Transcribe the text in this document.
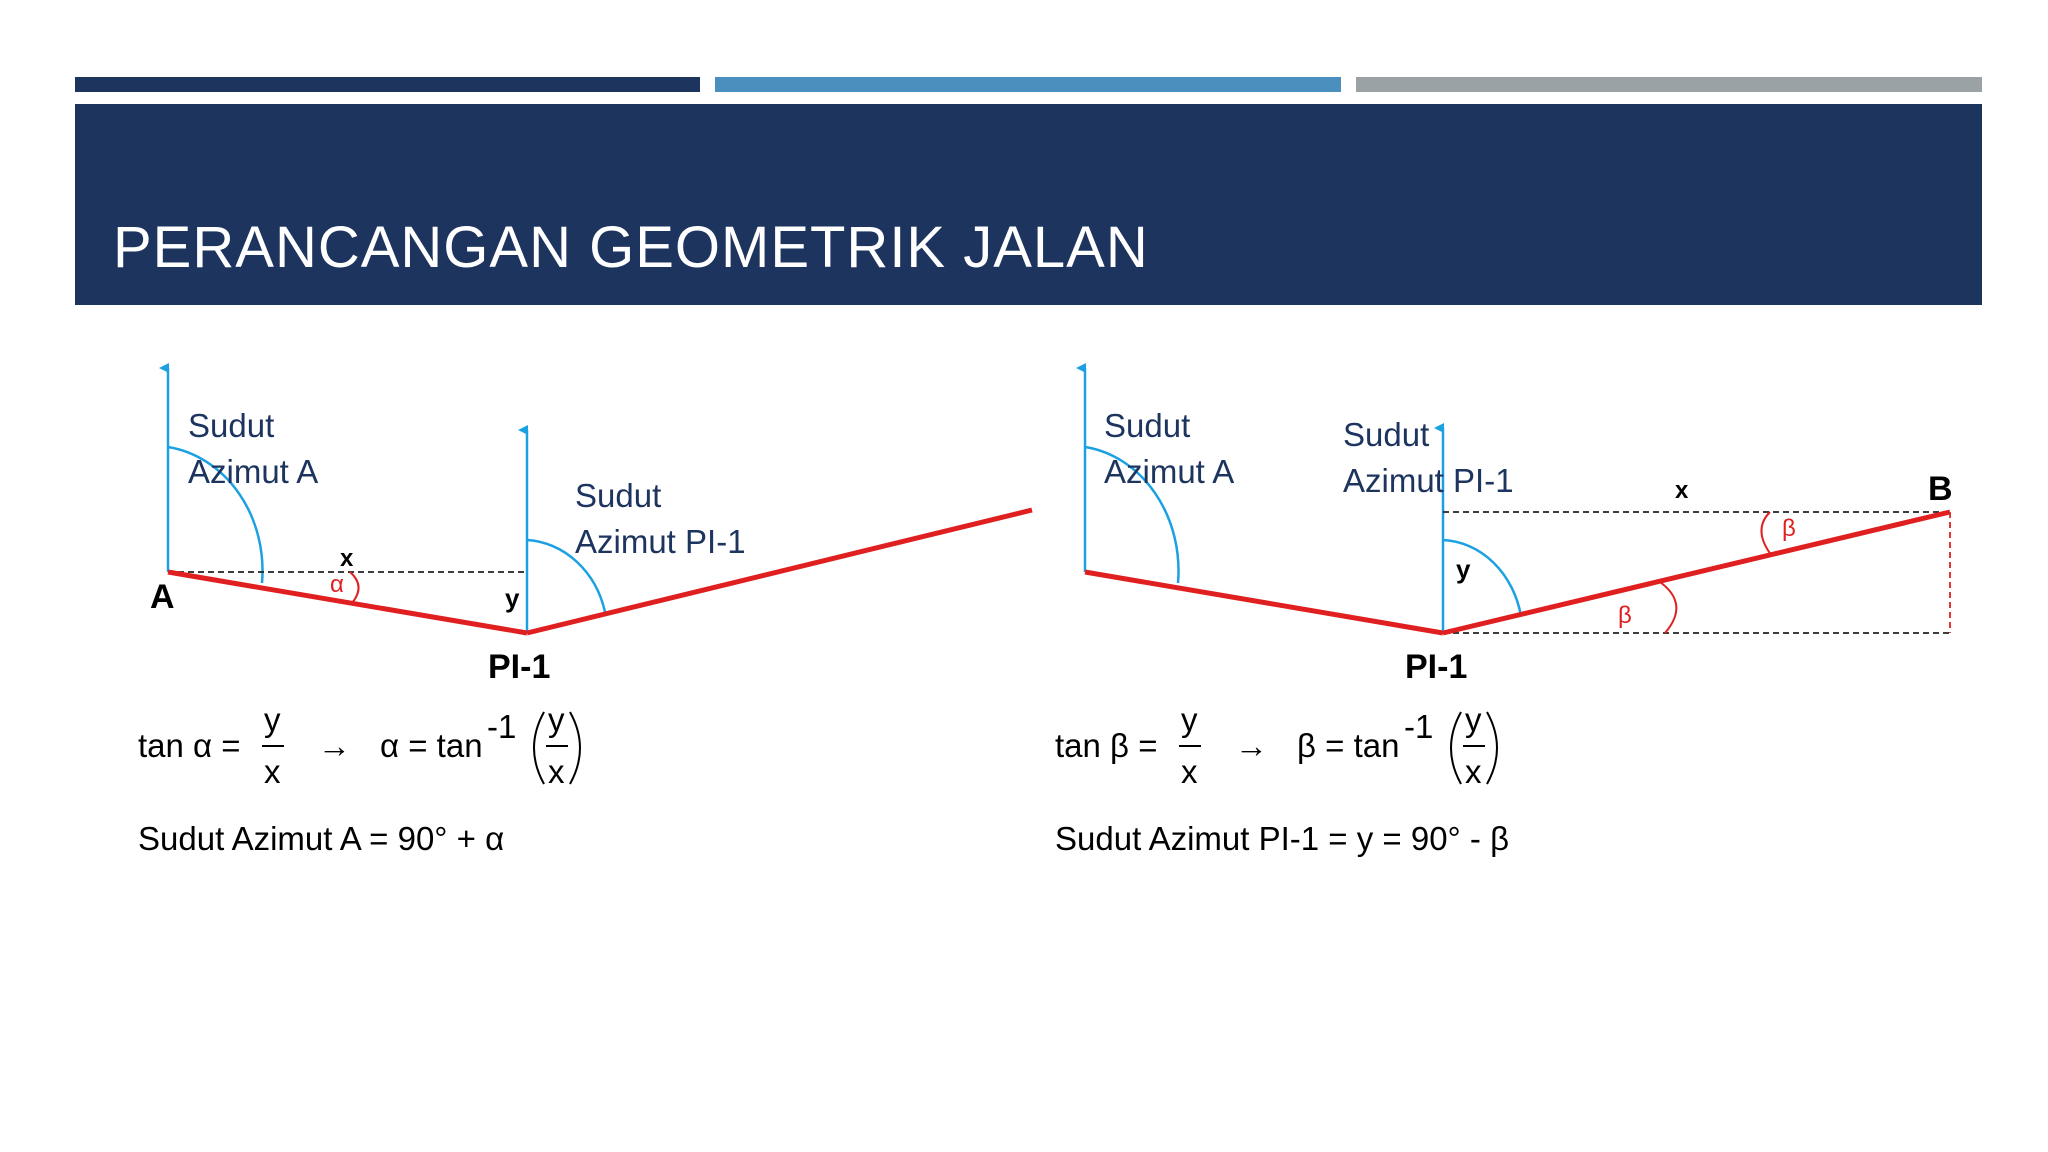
PERANCANGAN GEOMETRIK JALAN
Sudut
Azimut A
Sudut
Azimut PI-1
x
y
α
A
PI-1
tan α =
y
x
→ α = tan
-1 y
x
Sudut Azimut A = 90° + α
Sudut
Azimut A
Sudut
Azimut PI-1	x
y
β
β
B
PI-1
tan β =
y
x
→ β = tan
-1 y
x
Sudut Azimut PI-1 = y = 90° - β
